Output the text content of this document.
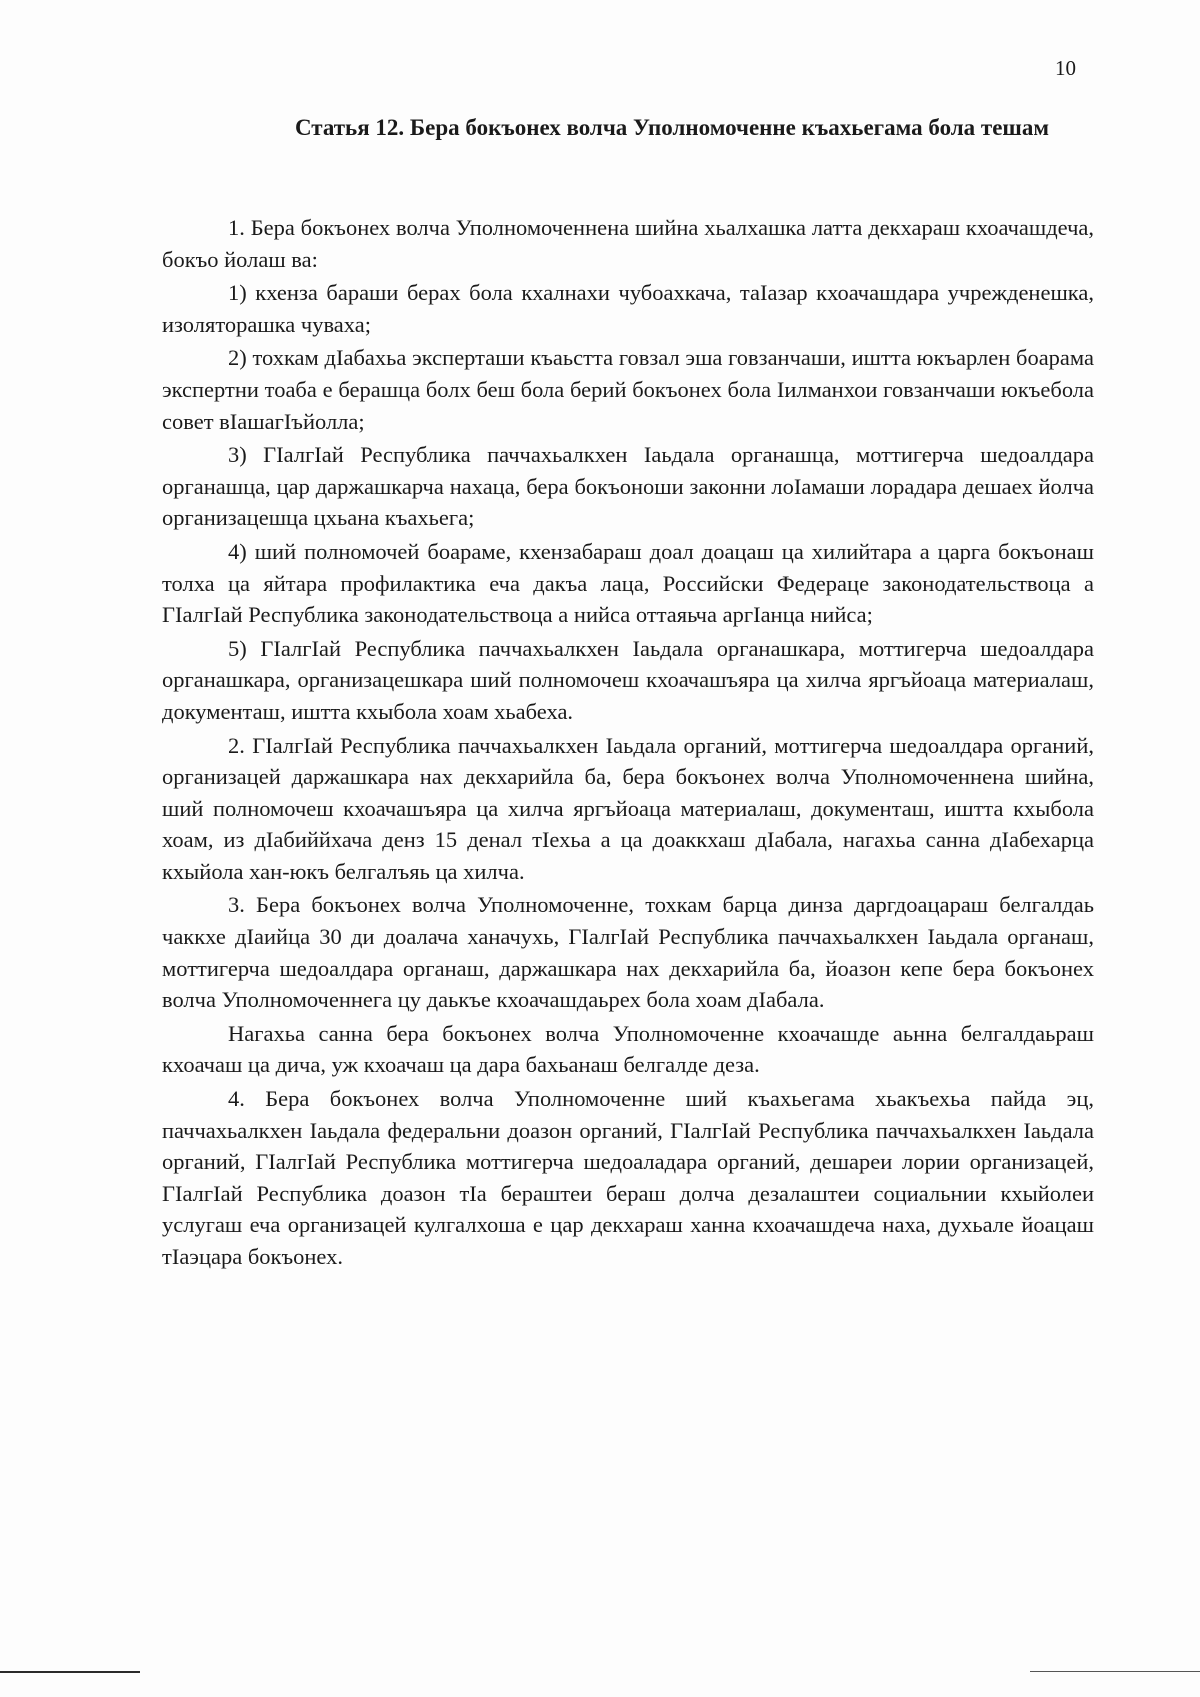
10
Статья 12. Бера бокъонех волча Уполномоченне къахьегама бола тешам

1. Бера бокъонех волча Уполномоченнена шийна хьалхашка латта декхараш кхоачашдеча, бокъо йолаш ва:

1) кхенза бараши берах бола кхалнахи чубоахкача, таIазар кхоачашдара учрежденешка, изоляторашка чуваха;

2) тохкам дIабахьа эксперташи къаьстта говзал эша говзанчаши, иштта юкъарлен боарама экспертни тоаба е берашца болх беш бола берий бокъонех бола Iилманхои говзанчаши юкъебола совет вIашагIъйолла;

3) ГIалгIай Республика паччахьалкхен Iаьдала органашца, моттигерча шедоалдара органашца, цар даржашкарча нахаца, бера бокъоноши законни лоIамаши лорадара дешаех йолча организацешца цхьана къахьега;

4) ший полномочей боараме, кхензабараш доал доацаш ца хилийтара а царга бокъонаш толха ца яйтара профилактика еча дакъа лаца, Российски Федераце законодательствоца а ГIалгIай Республика законодательствоца а нийса оттаяьча аргIанца нийса;

5) ГIалгIай Республика паччахьалкхен Iаьдала органашкара, моттигерча шедоалдара органашкара, организацешкара ший полномочеш кхоачашъяра ца хилча яргъйоаца материалаш, документаш, иштта кхыбола хоам хьабеха.

2. ГIалгIай Республика паччахьалкхен Iаьдала органий, моттигерча шедоалдара органий, организацей даржашкара нах декхарийла ба, бера бокъонех волча Уполномоченнена шийна, ший полномочеш кхоачашъяра ца хилча яргъйоаца материалаш, документаш, иштта кхыбола хоам, из дIабиййхача денз 15 денал тIехьа а ца доаккхаш дIабала, нагахьа санна дIабехарца кхыйола хан-юкъ белгалъяь ца хилча.

3. Бера бокъонех волча Уполномоченне, тохкам барца динза даргдоацараш белгалдаь чаккхе дIаийца 30 ди доалача ханачухь, ГIалгIай Республика паччахьалкхен Iаьдала органаш, моттигерча шедоалдара органаш, даржашкара нах декхарийла ба, йоазон кепе бера бокъонех волча Уполномоченнега цу даькъе кхоачашдаьрех бола хоам дIабала.

Нагахьа санна бера бокъонех волча Уполномоченне кхоачашде аьнна белгалдаьраш кхоачаш ца дича, уж кхоачаш ца дара бахьанаш белгалде деза.

4. Бера бокъонех волча Уполномоченне ший къахьегама хьакъехьа пайда эц, паччахьалкхен Iаьдала федеральни доазон органий, ГIалгIай Республика паччахьалкхен Iаьдала органий, ГIалгIай Республика моттигерча шедоаладара органий, дешареи лории организацей, ГIалгIай Республика доазон тIа бераштеи бераш долча дезалаштеи социальнии кхыйолеи услугаш еча организацей кулгалхоша е цар декхараш ханна кхоачашдеча наха, духьале йоацаш тIаэцара бокъонех.
